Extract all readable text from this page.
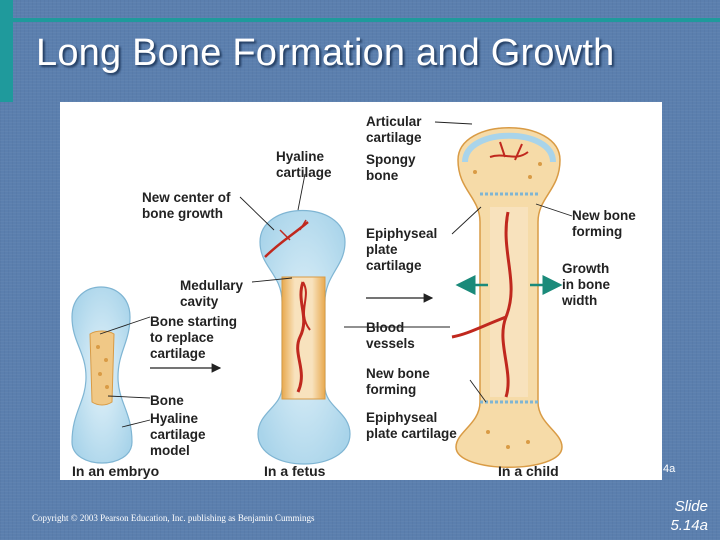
Long Bone Formation and Growth
Hyaline cartilage
New center of bone growth
Medullary cavity
Bone starting to replace cartilage
Bone
Hyaline cartilage model
Articular cartilage
Spongy bone
Epiphyseal plate cartilage
Blood vessels
New bone forming
Epiphyseal plate cartilage
New bone forming
Growth in bone width
In an embryo	In a fetus	In a child	4a
Copyright © 2003 Pearson Education, Inc. publishing as Benjamin Cummings
Slide
5.14a
